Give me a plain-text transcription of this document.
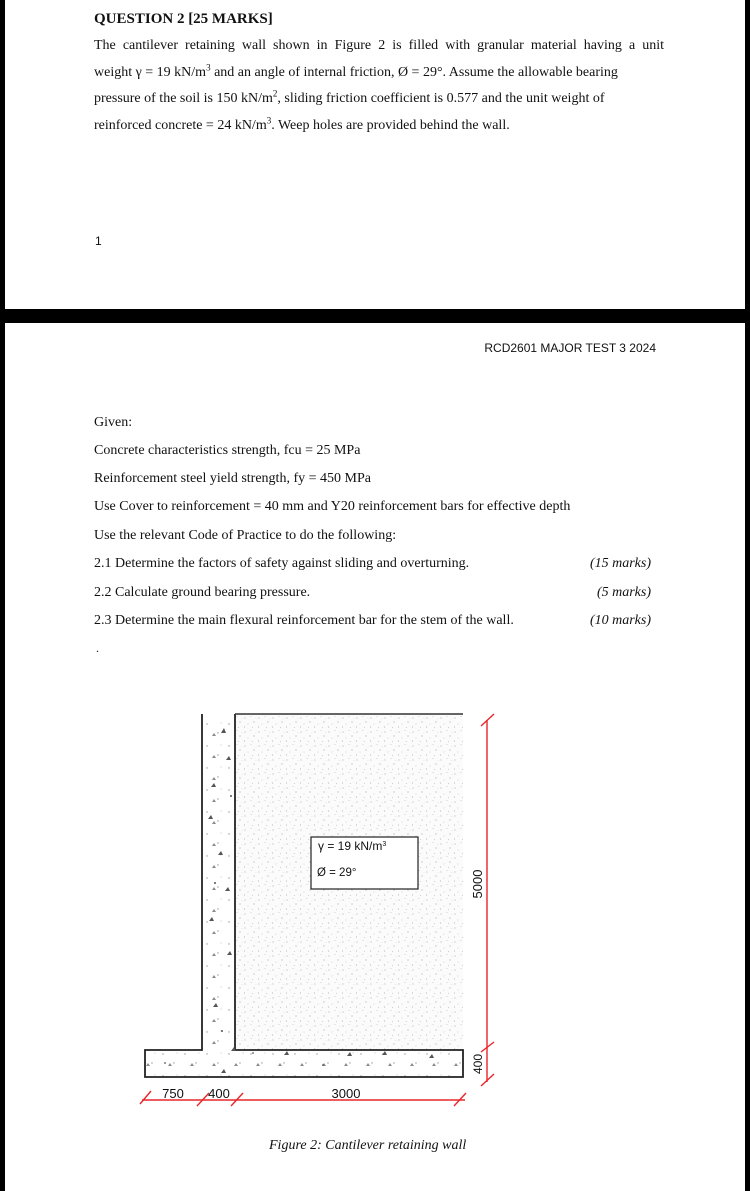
QUESTION 2 [25 MARKS]
The cantilever retaining wall shown in Figure 2 is filled with granular material having a unit
weight γ = 19 $kN/m^3$ and an angle of internal friction, Ø = 29°. Assume the allowable bearing
pressure of the soil is 150 $kN/m^2$, sliding friction coefficient is 0.577 and the unit weight of
reinforced concrete = 24 $kN/m^3$. Weep holes are provided behind the wall.
1
RCD2601 MAJOR TEST 3 2024
Given:
Concrete characteristics strength, fcu = 25 MPa
Reinforcement steel yield strength, fy = 450 MPa
Use Cover to reinforcement = 40 mm and Y20 reinforcement bars for effective depth
Use the relevant Code of Practice to do the following:
2.1 Determine the factors of safety against sliding and overturning.	(15 marks)
2.2 Calculate ground bearing pressure.	(5 marks)
2.3 Determine the main flexural reinforcement bar for the stem of the wall.	(10 marks)
.
γ = 19 $kN/m^3$
Ø = 29°	5000
400
750 400	3000
Figure 2: Cantilever retaining wall
